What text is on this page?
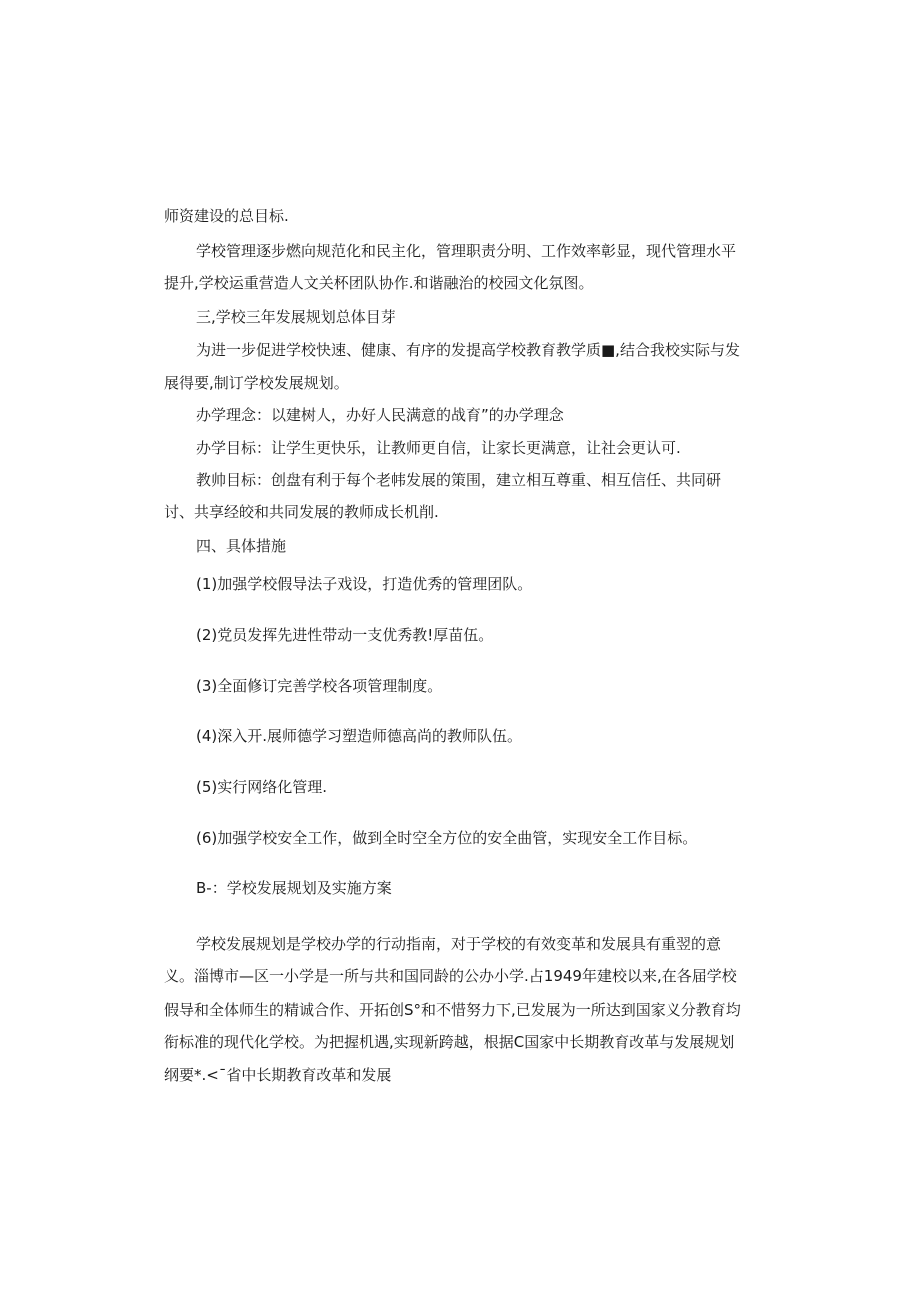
师资建设的总目标.
学校管理逐步燃向规范化和民主化，管理职责分明、工作效率彰显，现代管理水平
提升,学校运重营造人文关杯团队协作.和谐融治的校园文化氛图。
三,学校三年发展规划总体目芽
为进一步促进学校快速、健康、有序的发提高学校教育教学质■,结合我校实际与发
展得要,制订学校发展规划。
办学理念：以建树人，办好人民满意的战育”的办学理念
办学目标：让学生更快乐，让教师更自信，让家长更满意，让社会更认可.
教帅目标：创盘有利于每个老帏发展的策围，建立相互尊重、相互信任、共同研
讨、共享经皎和共同发展的教师成长机削.
四、具体措施
(1)加强学校假导法子戏设，打造优秀的管理团队。
(2)党员发挥先进性带动一支优秀教!厚苗伍。
(3)全面修订完善学校各项管理制度。
(4)深入开.展师德学习塑造师德高尚的教师队伍。
(5)实行网络化管理.
(6)加强学校安全工作，做到全时空全方位的安全曲管，实现安全工作目标。
B-：学校发展规划及实施方案
学校发展规划是学校办学的行动指南，对于学校的有效变革和发展具有重翌的意
义。淄博市—区一小学是一所与共和国同龄的公办小学.占1949年建校以来,在各届学校
假导和全体师生的精诚合作、开拓创S°和不惜努力下,已发展为一所达到国家义分教育均
衔标准的现代化学校。为把握机遇,实现新跨越，根据C国家中长期教育改革与发展规划
纲要*.<¯省中长期教育改革和发展
